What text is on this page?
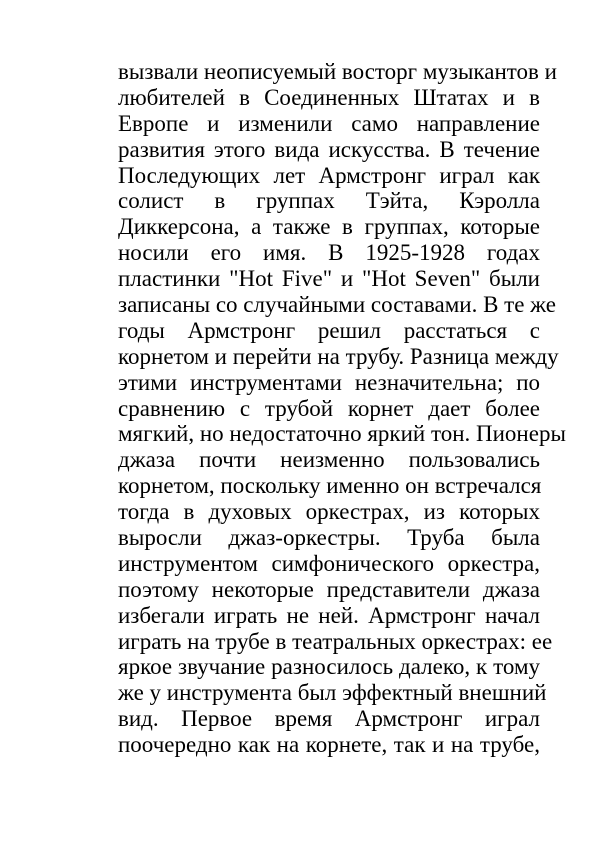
вызвали неописуемый восторг музыкантов и
любителей в Соединенных Штатах и в
Европе и изменили само направление
развития этого вида искусства. В течение
Последующих лет Армстронг играл как
солист в группах Тэйта, Кэролла
Диккерсона, а также в группах, которые
носили его имя. В 1925-1928 годах
пластинки "Hot Five" и "Hot Seven" были
записаны со случайными составами. В те же
годы Армстронг решил расстаться с
корнетом и перейти на трубу. Разница между
этими инструментами незначительна; по
сравнению с трубой корнет дает более
мягкий, но недостаточно яркий тон. Пионеры
джаза почти неизменно пользовались
корнетом, поскольку именно он встречался
тогда в духовых оркестрах, из которых
выросли джаз-оркестры. Труба была
инструментом симфонического оркестра,
поэтому некоторые представители джаза
избегали играть не ней. Армстронг начал
играть на трубе в театральных оркестрах: ее
яркое звучание разносилось далеко, к тому
же у инструмента был эффектный внешний
вид. Первое время Армстронг играл
поочередно как на корнете, так и на трубе,
